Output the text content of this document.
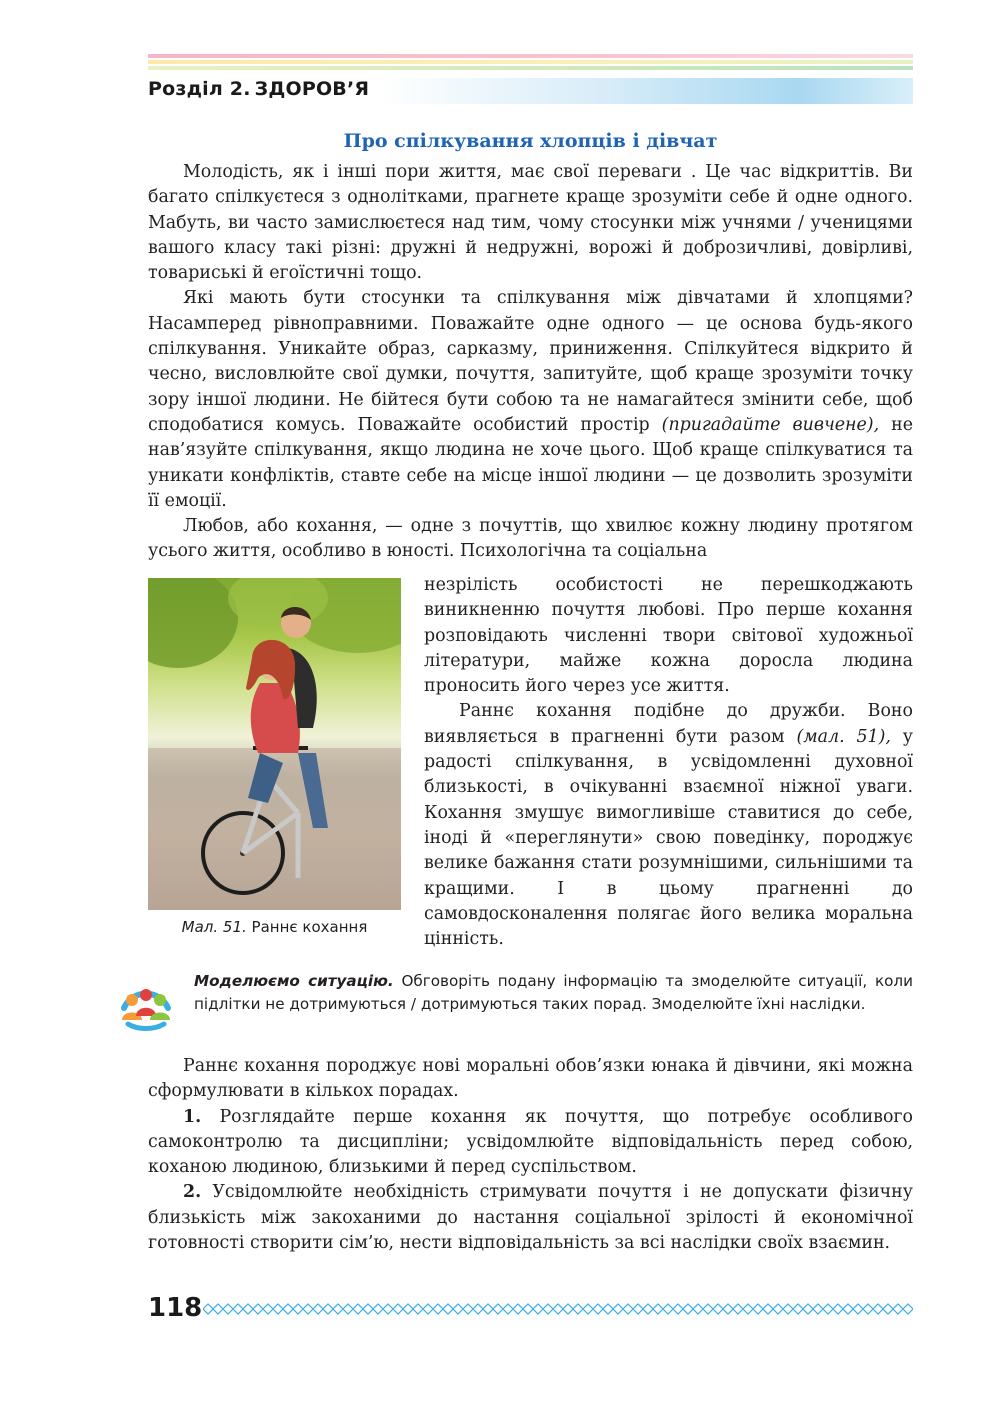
Розділ 2. ЗДОРОВ’Я
Про спілкування хлопців і дівчат

Молодість, як і інші пори життя, має свої переваги . Це час відкриттів. Ви багато спілкуєтеся з однолітками, прагнете краще зрозуміти себе й одне одного. Мабуть, ви часто замислюєтеся над тим, чому стосунки між учнями / ученицями вашого класу такі різні: дружні й недружні, ворожі й доброзичливі, довірливі, товариські й егоїстичні тощо.

Які мають бути стосунки та спілкування між дівчатами й хлопцями? Насамперед рівноправними. Поважайте одне одного — це основа будь-якого спілкування. Уникайте образ, сарказму, приниження. Спілкуйтеся відкрито й чесно, висловлюйте свої думки, почуття, запитуйте, щоб краще зрозуміти точку зору іншої людини. Не бійтеся бути собою та не намагайтеся змінити себе, щоб сподобатися комусь. Поважайте особистий простір (пригадайте вивчене), не нав’язуйте спілкування, якщо людина не хоче цього. Щоб краще спілкуватися та уникати конфліктів, ставте себе на місце іншої людини — це дозволить зрозуміти її емоції.

Любов, або кохання, — одне з почуттів, що хвилює кожну людину протягом усього життя, особливо в юності. Психологічна та соціальна

Мал. 51. Раннє кохання

незрілість особистості не перешкоджають виникненню почуття любові. Про перше кохання розповідають численні твори світової художньої літератури, майже кожна доросла людина проносить його через усе життя.

Раннє кохання подібне до дружби. Воно виявляється в прагненні бути разом (мал. 51), у радості спілкування, в усвідомленні духовної близькості, в очікуванні взаємної ніжної уваги. Кохання змушує вимогливіше ставитися до себе, іноді й «переглянути» свою поведінку, породжує велике бажання стати розумнішими, сильнішими та кращими. І в цьому прагненні до самовдосконалення полягає його велика моральна цінність.

Моделюємо ситуацію. Обговоріть подану інформацію та змоделюйте ситуації, коли підлітки не дотримуються / дотримуються таких порад. Змоделюйте їхні наслідки.

Раннє кохання породжує нові моральні обов’язки юнака й дівчини, які можна сформулювати в кількох порадах.

1. Розглядайте перше кохання як почуття, що потребує особливого самоконтролю та дисципліни; усвідомлюйте відповідальність перед собою, коханою людиною, близькими й перед суспільством.

2. Усвідомлюйте необхідність стримувати почуття і не допускати фізичну близькість між закоханими до настання соціальної зрілості й економічної готовності створити сім’ю, нести відповідальність за всі наслідки своїх взаємин.

118
